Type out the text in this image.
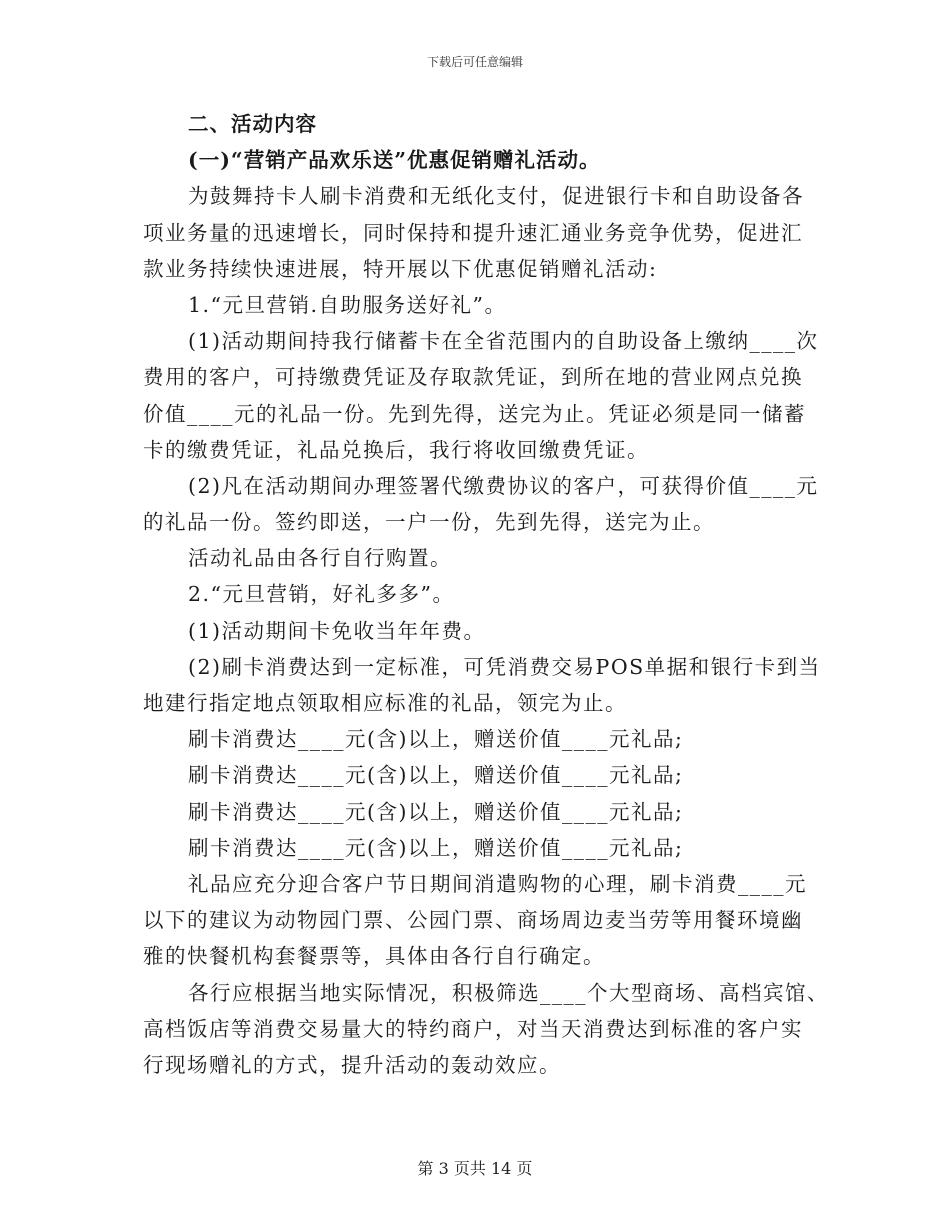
下载后可任意编辑
二、活动内容
(一)“营销产品欢乐送”优惠促销赠礼活动。
为鼓舞持卡人刷卡消费和无纸化支付，促进银行卡和自助设备各
项业务量的迅速增长，同时保持和提升速汇通业务竞争优势，促进汇
款业务持续快速进展，特开展以下优惠促销赠礼活动:
1.“元旦营销.自助服务送好礼”。
(1)活动期间持我行储蓄卡在全省范围内的自助设备上缴纳____次
费用的客户，可持缴费凭证及存取款凭证，到所在地的营业网点兑换
价值____元的礼品一份。先到先得，送完为止。凭证必须是同一储蓄
卡的缴费凭证，礼品兑换后，我行将收回缴费凭证。
(2)凡在活动期间办理签署代缴费协议的客户，可获得价值____元
的礼品一份。签约即送，一户一份，先到先得，送完为止。
活动礼品由各行自行购置。
2.“元旦营销，好礼多多”。
(1)活动期间卡免收当年年费。
(2)刷卡消费达到一定标准，可凭消费交易POS单据和银行卡到当
地建行指定地点领取相应标准的礼品，领完为止。
刷卡消费达____元(含)以上，赠送价值____元礼品;
刷卡消费达____元(含)以上，赠送价值____元礼品;
刷卡消费达____元(含)以上，赠送价值____元礼品;
刷卡消费达____元(含)以上，赠送价值____元礼品;
礼品应充分迎合客户节日期间消遣购物的心理，刷卡消费____元
以下的建议为动物园门票、公园门票、商场周边麦当劳等用餐环境幽
雅的快餐机构套餐票等，具体由各行自行确定。
各行应根据当地实际情况，积极筛选____个大型商场、高档宾馆、
高档饭店等消费交易量大的特约商户，对当天消费达到标准的客户实
行现场赠礼的方式，提升活动的轰动效应。
第 3 页共 14 页
